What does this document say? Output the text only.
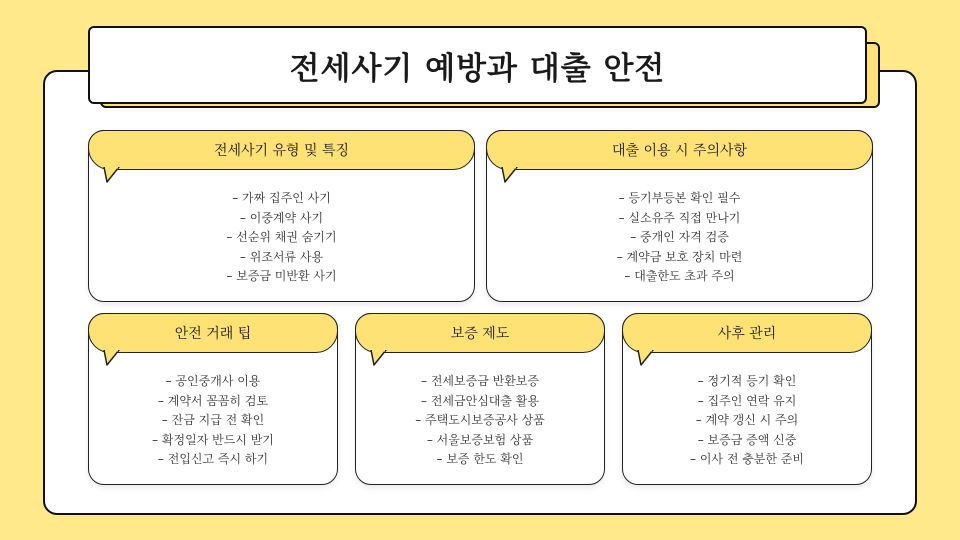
전세사기 예방과 대출 안전
전세사기 유형 및 특징
– 가짜 집주인 사기
– 이중계약 사기
– 선순위 채권 숨기기
– 위조서류 사용
– 보증금 미반환 사기
대출 이용 시 주의사항
– 등기부등본 확인 필수
– 실소유주 직접 만나기
– 중개인 자격 검증
– 계약금 보호 장치 마련
– 대출한도 초과 주의
안전 거래 팁
– 공인중개사 이용
– 계약서 꼼꼼히 검토
– 잔금 지급 전 확인
– 확정일자 반드시 받기
– 전입신고 즉시 하기
보증 제도
– 전세보증금 반환보증
– 전세금안심대출 활용
– 주택도시보증공사 상품
– 서울보증보험 상품
– 보증 한도 확인
사후 관리
– 정기적 등기 확인
– 집주인 연락 유지
– 계약 갱신 시 주의
– 보증금 증액 신중
– 이사 전 충분한 준비
